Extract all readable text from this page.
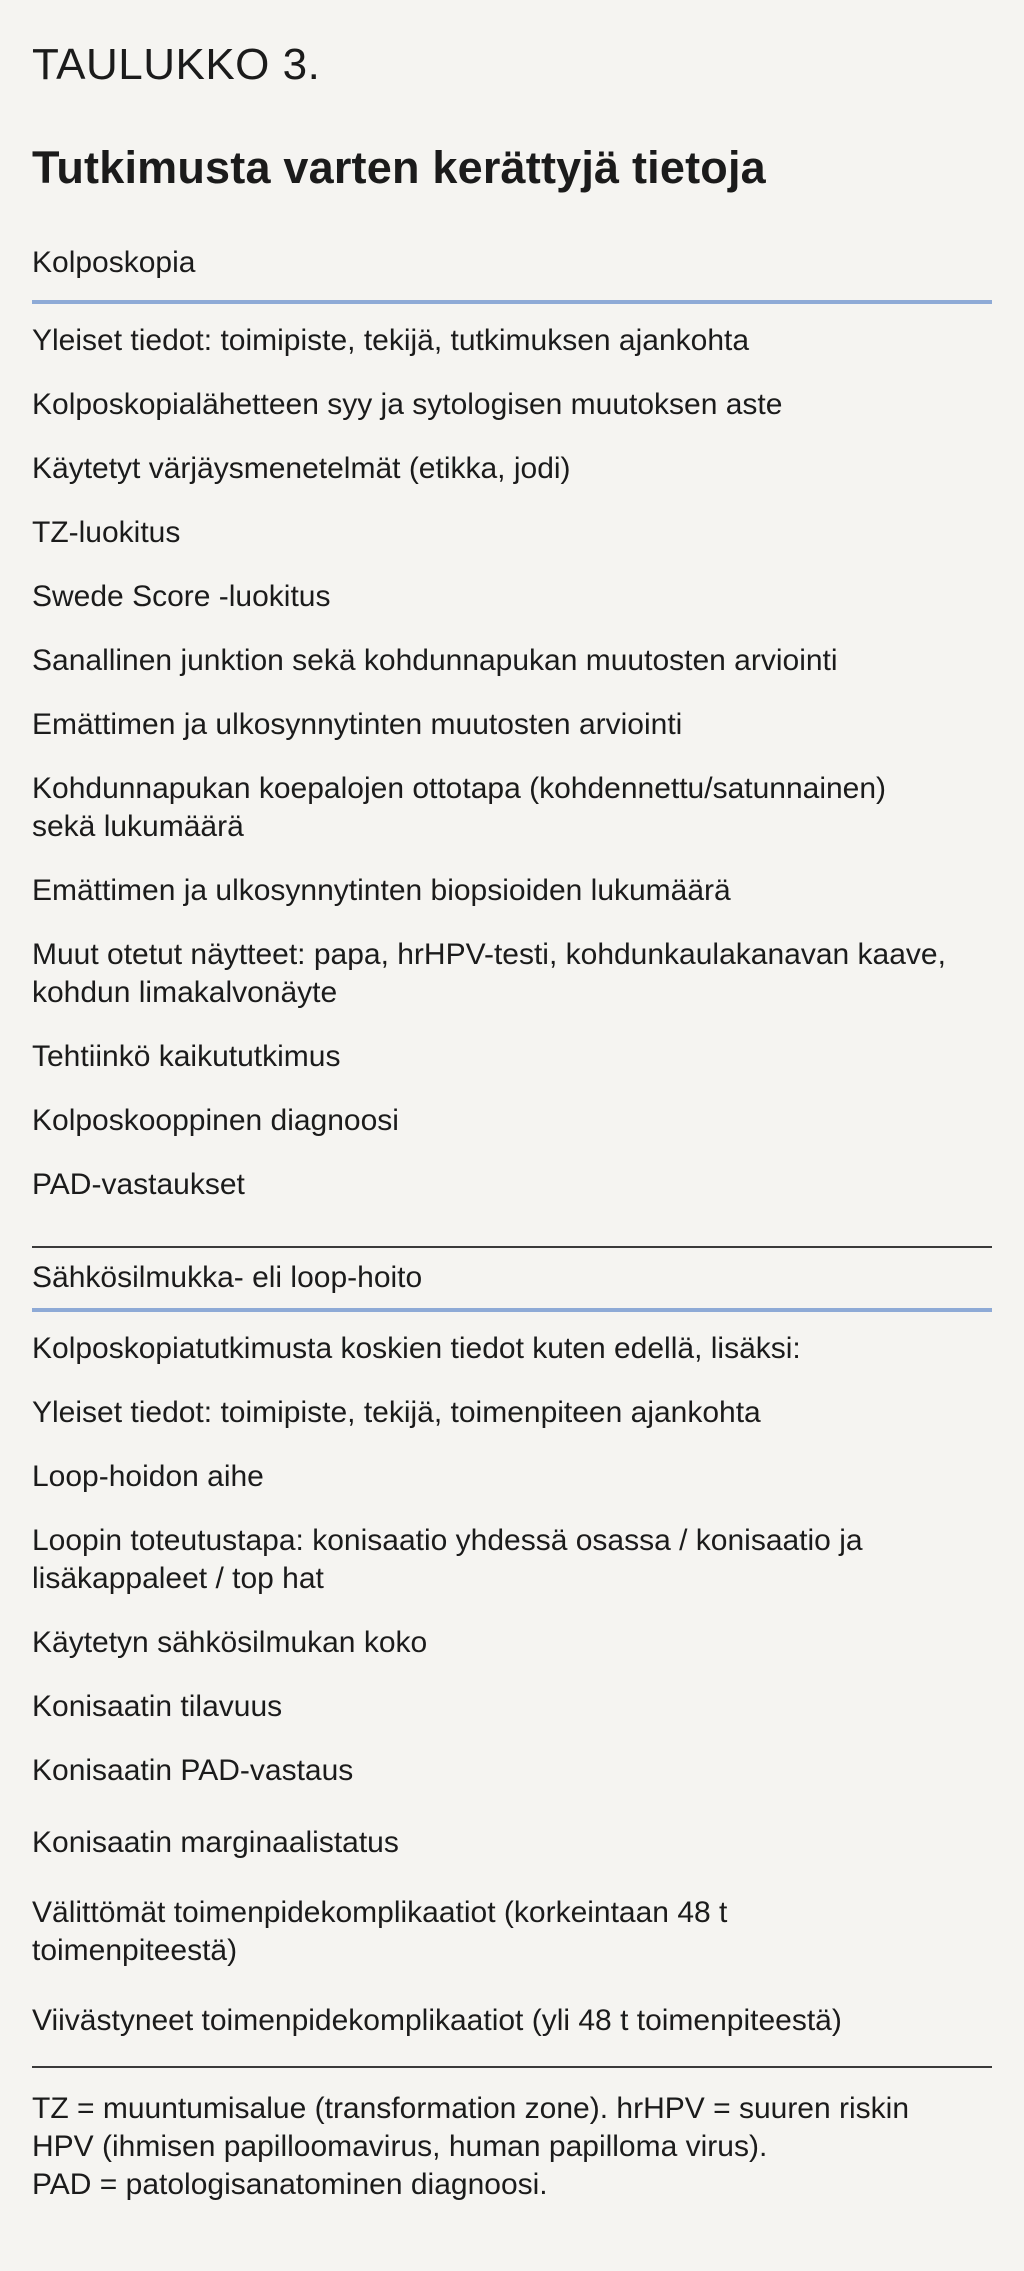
TAULUKKO 3.
Tutkimusta varten kerättyjä tietoja
Kolposkopia
Yleiset tiedot: toimipiste, tekijä, tutkimuksen ajankohta
Kolposkopialähetteen syy ja sytologisen muutoksen aste
Käytetyt värjäysmenetelmät (etikka, jodi)
TZ-luokitus
Swede Score -luokitus
Sanallinen junktion sekä kohdunnapukan muutosten arviointi
Emättimen ja ulkosynnytinten muutosten arviointi
Kohdunnapukan koepalojen ottotapa (kohdennettu/satunnainen)
sekä lukumäärä
Emättimen ja ulkosynnytinten biopsioiden lukumäärä
Muut otetut näytteet: papa, hrHPV-testi, kohdunkaulakanavan kaave,
kohdun limakalvonäyte
Tehtiinkö kaikututkimus
Kolposkooppinen diagnoosi
PAD-vastaukset
Sähkösilmukka- eli loop-hoito
Kolposkopiatutkimusta koskien tiedot kuten edellä, lisäksi:
Yleiset tiedot: toimipiste, tekijä, toimenpiteen ajankohta
Loop-hoidon aihe
Loopin toteutustapa: konisaatio yhdessä osassa / konisaatio ja
lisäkappaleet / top hat
Käytetyn sähkösilmukan koko
Konisaatin tilavuus
Konisaatin PAD-vastaus
Konisaatin marginaalistatus
Välittömät toimenpidekomplikaatiot (korkeintaan 48 t
toimenpiteestä)
Viivästyneet toimenpidekomplikaatiot (yli 48 t toimenpiteestä)
TZ = muuntumisalue (transformation zone). hrHPV = suuren riskin
HPV (ihmisen papilloomavirus, human papilloma virus).
PAD = patologisanatominen diagnoosi.
